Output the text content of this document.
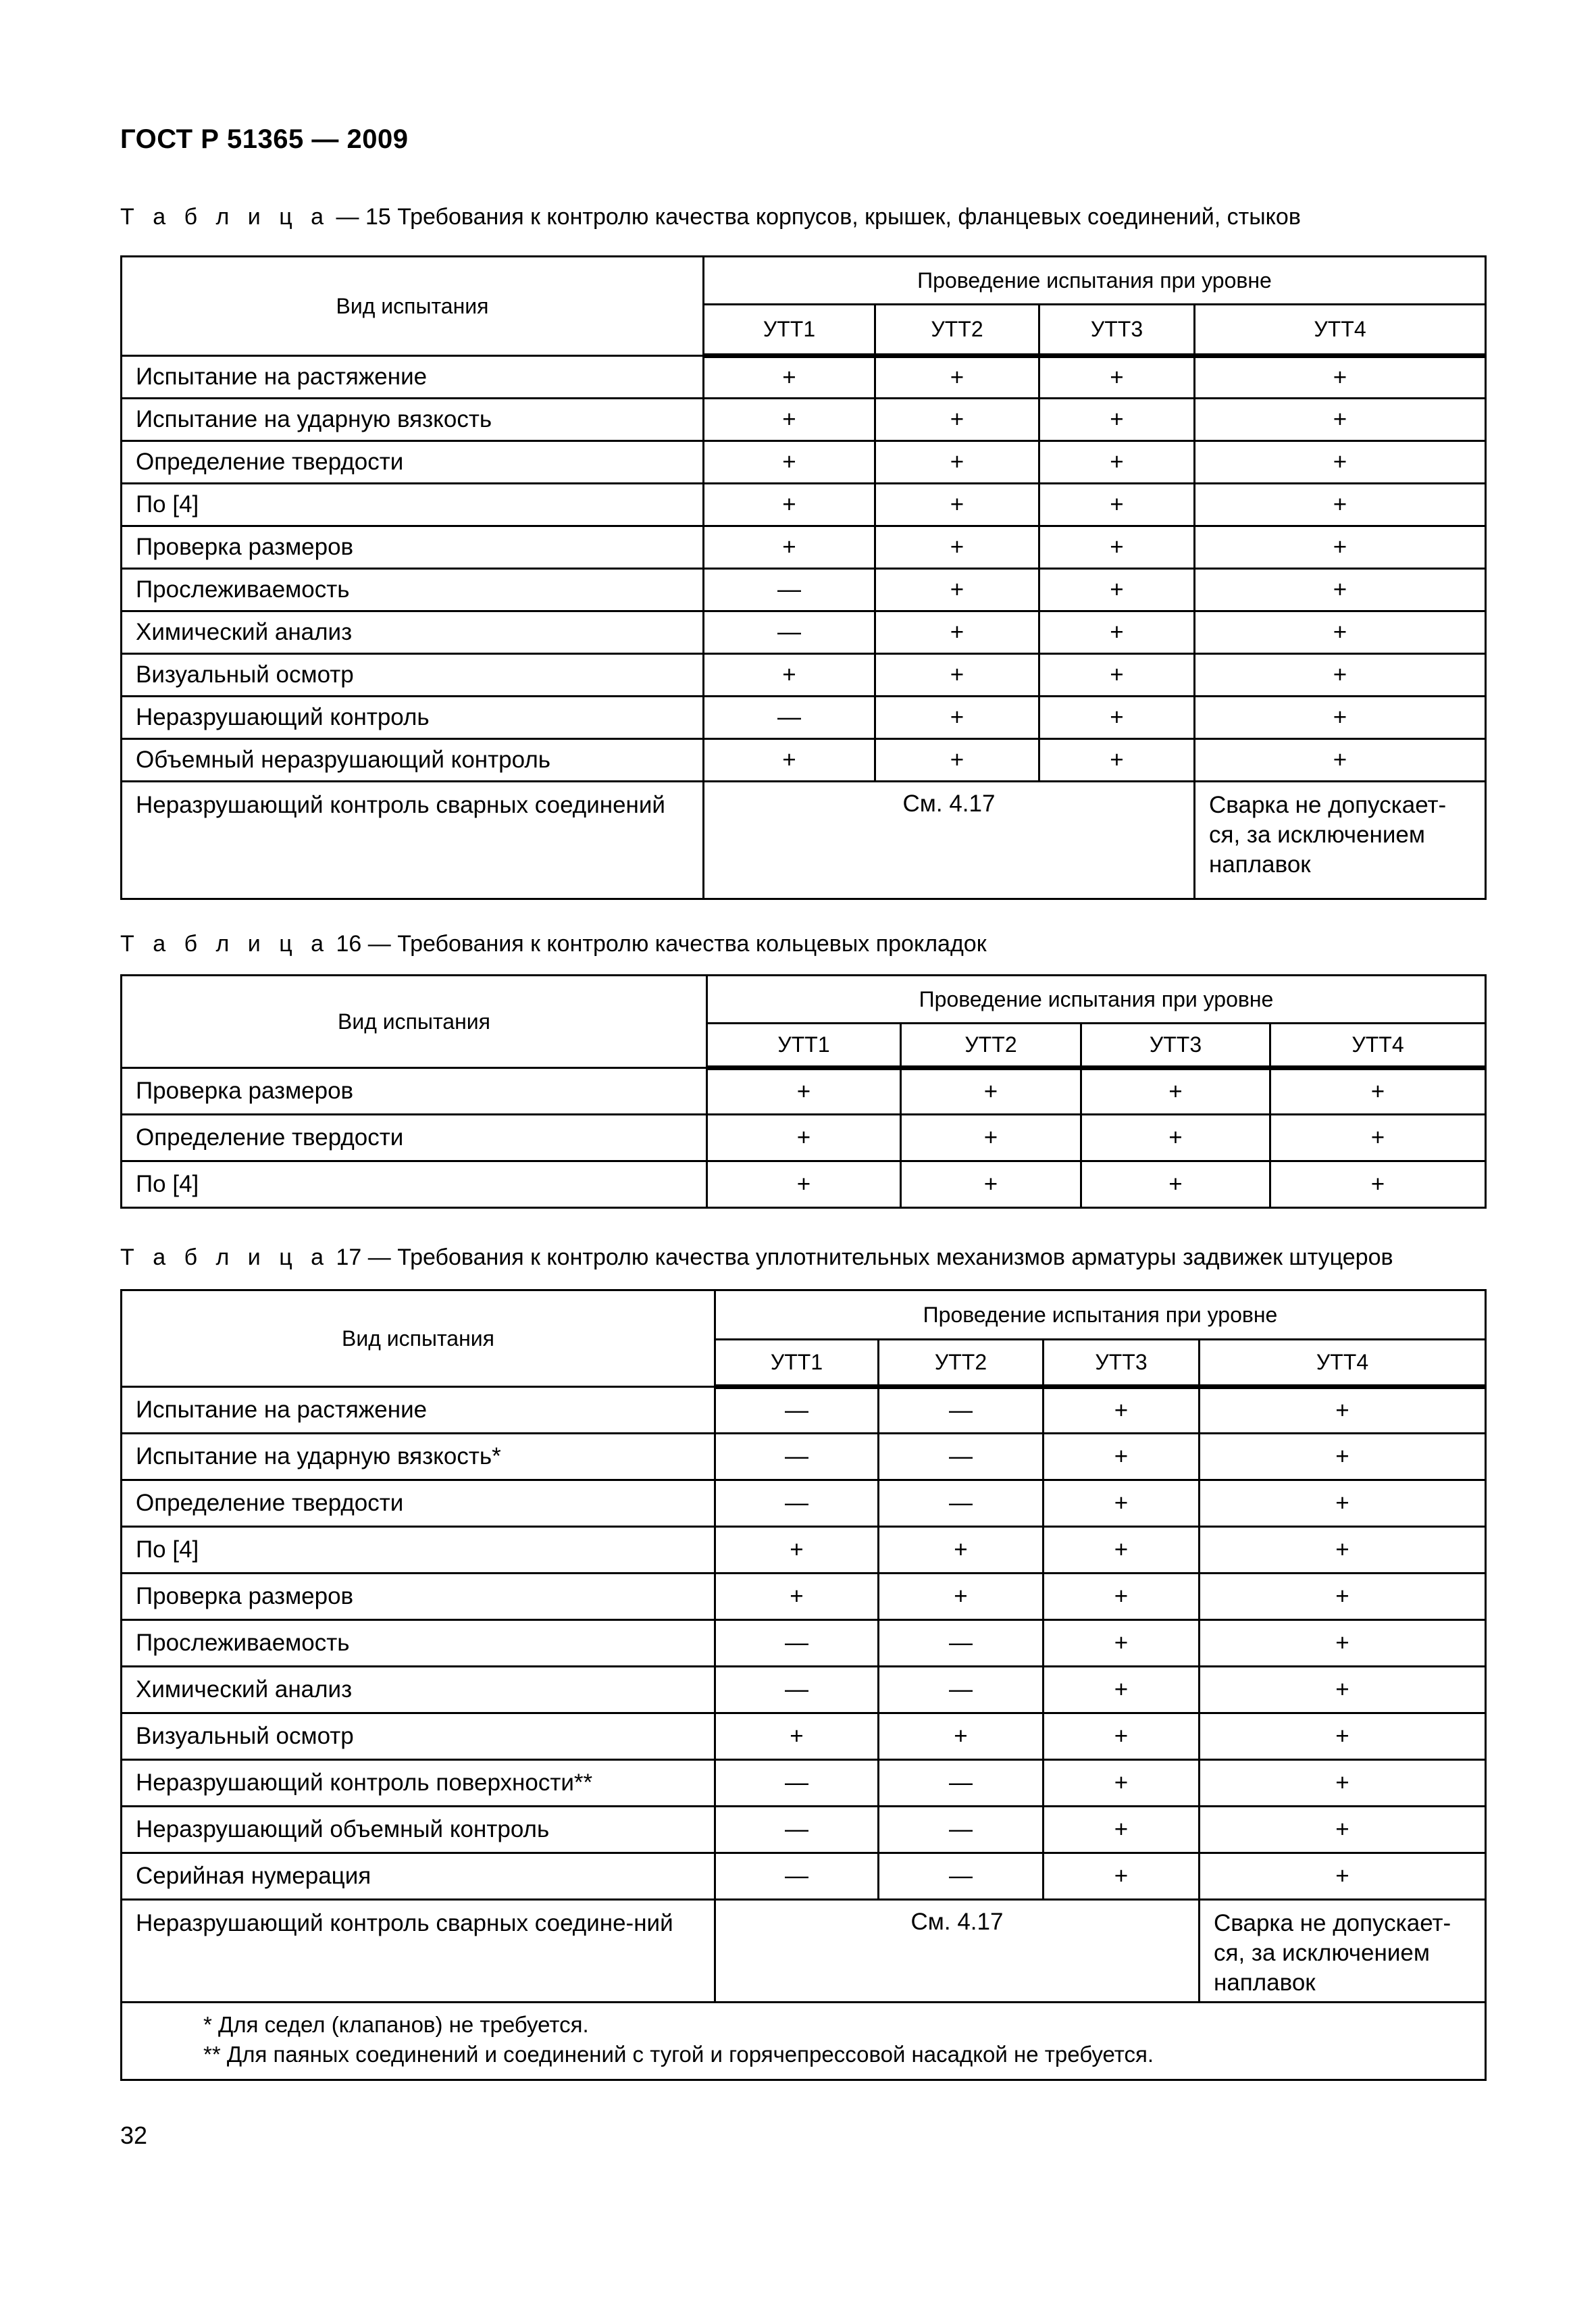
ГОСТ Р 51365 — 2009
Т а б л и ц а — 15 Требования к контролю качества корпусов, крышек, фланцевых соединений, стыков
Вид испытания	Проведение испытания при уровне			
	УТТ1	УТТ2	УТТ3	УТТ4
Испытание на растяжение	+	+	+	+
Испытание на ударную вязкость	+	+	+	+
Определение твердости	+	+	+	+
По [4]	+	+	+	+
Проверка размеров	+	+	+	+
Прослеживаемость	—	+	+	+
Химический анализ	—	+	+	+
Визуальный осмотр	+	+	+	+
Неразрушающий контроль	—	+	+	+
Объемный неразрушающий контроль	+	+	+	+
Неразрушающий контроль сварных соединений	См. 4.17			Сварка не допускает-ся, за исключением наплавок
Т а б л и ц а 16 — Требования к контролю качества кольцевых прокладок
Вид испытания	Проведение испытания при уровне			
	УТТ1	УТТ2	УТТ3	УТТ4
Проверка размеров	+	+	+	+
Определение твердости	+	+	+	+
По [4]	+	+	+	+
Т а б л и ц а 17 — Требования к контролю качества уплотнительных механизмов арматуры задвижек штуцеров
Вид испытания	Проведение испытания при уровне			
	УТТ1	УТТ2	УТТ3	УТТ4
Испытание на растяжение	—	—	+	+
Испытание на ударную вязкость*	—	—	+	+
Определение твердости	—	—	+	+
По [4]	+	+	+	+
Проверка размеров	+	+	+	+
Прослеживаемость	—	—	+	+
Химический анализ	—	—	+	+
Визуальный осмотр	+	+	+	+
Неразрушающий контроль поверхности**	—	—	+	+
Неразрушающий объемный контроль	—	—	+	+
Серийная нумерация	—	—	+	+
Неразрушающий контроль сварных соедине-ний	См. 4.17			Сварка не допускает-ся, за исключением наплавок

* Для седел (клапанов) не требуется.
** Для паяных соединений и соединений с тугой и горячепрессовой насадкой не требуется.				
32
